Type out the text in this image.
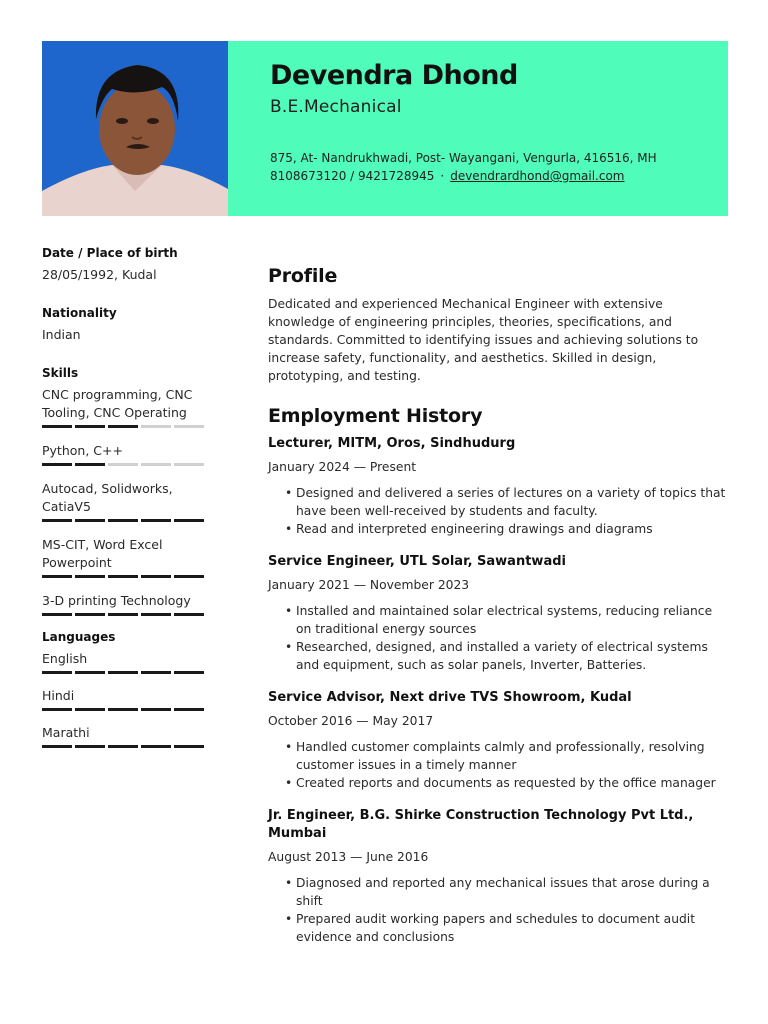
Devendra Dhond
B.E.Mechanical
875, At- Nandrukhwadi, Post- Wayangani, Vengurla, 416516, MH
8108673120 / 9421728945 · devendrardhond@gmail.com
Date / Place of birth
28/05/1992, Kudal
Nationality
Indian
Skills
CNC programming, CNC Tooling, CNC Operating
Python, C++
Autocad, Solidworks, CatiaV5
MS-CIT, Word Excel Powerpoint
3-D printing Technology
Languages
English
Hindi
Marathi
Profile
Dedicated and experienced Mechanical Engineer with extensive knowledge of engineering principles, theories, specifications, and standards. Committed to identifying issues and achieving solutions to increase safety, functionality, and aesthetics. Skilled in design, prototyping, and testing.
Employment History
Lecturer, MITM, Oros, Sindhudurg
January 2024 — Present
• Designed and delivered a series of lectures on a variety of topics that have been well-received by students and faculty.
• Read and interpreted engineering drawings and diagrams
Service Engineer, UTL Solar, Sawantwadi
January 2021 — November 2023
• Installed and maintained solar electrical systems, reducing reliance on traditional energy sources
• Researched, designed, and installed a variety of electrical systems and equipment, such as solar panels, Inverter, Batteries.
Service Advisor, Next drive TVS Showroom, Kudal
October 2016 — May 2017
• Handled customer complaints calmly and professionally, resolving customer issues in a timely manner
• Created reports and documents as requested by the office manager
Jr. Engineer, B.G. Shirke Construction Technology Pvt Ltd., Mumbai
August 2013 — June 2016
• Diagnosed and reported any mechanical issues that arose during a shift
• Prepared audit working papers and schedules to document audit evidence and conclusions
